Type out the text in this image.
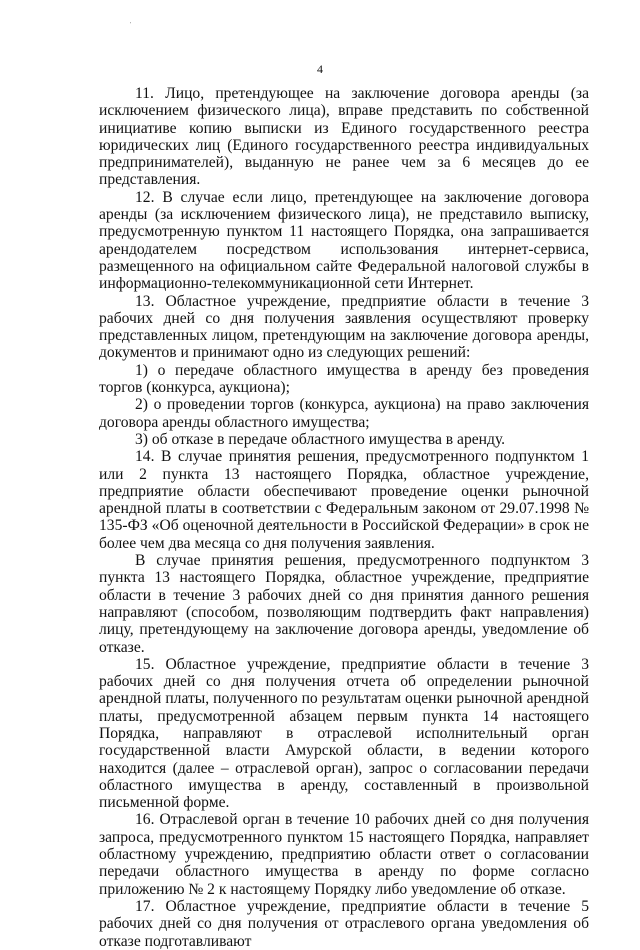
'
4

11. Лицо, претендующее на заключение договора аренды (за исключением физического лица), вправе представить по собственной инициативе копию выписки из Единого государственного реестра юридических лиц (Единого государственного реестра индивидуальных предпринимателей), выданную не ранее чем за 6 месяцев до ее представления.

12. В случае если лицо, претендующее на заключение договора аренды (за исключением физического лица), не представило выписку, предусмотренную пунктом 11 настоящего Порядка, она запрашивается арендодателем посредством использования интернет-сервиса, размещенного на официальном сайте Федеральной налоговой службы в информационно-телекоммуникационной сети Интернет.

13. Областное учреждение, предприятие области в течение 3 рабочих дней со дня получения заявления осуществляют проверку представленных лицом, претендующим на заключение договора аренды, документов и принимают одно из следующих решений:

1) о передаче областного имущества в аренду без проведения торгов (конкурса, аукциона);

2) о проведении торгов (конкурса, аукциона) на право заключения договора аренды областного имущества;

3) об отказе в передаче областного имущества в аренду.

14. В случае принятия решения, предусмотренного подпунктом 1 или 2 пункта 13 настоящего Порядка, областное учреждение, предприятие области обеспечивают проведение оценки рыночной арендной платы в соответствии с Федеральным законом от 29.07.1998 № 135-ФЗ «Об оценочной деятельности в Российской Федерации» в срок не более чем два месяца со дня получения заявления.

В случае принятия решения, предусмотренного подпунктом 3 пункта 13 настоящего Порядка, областное учреждение, предприятие области в течение 3 рабочих дней со дня принятия данного решения направляют (способом, позволяющим подтвердить факт направления) лицу, претендующему на заключение договора аренды, уведомление об отказе.

15. Областное учреждение, предприятие области в течение 3 рабочих дней со дня получения отчета об определении рыночной арендной платы, полученного по результатам оценки рыночной арендной платы, предусмотренной абзацем первым пункта 14 настоящего Порядка, направляют в отраслевой исполнительный орган государственной власти Амурской области, в ведении которого находится (далее – отраслевой орган), запрос о согласовании передачи областного имущества в аренду, составленный в произвольной письменной форме.

16. Отраслевой орган в течение 10 рабочих дней со дня получения запроса, предусмотренного пунктом 15 настоящего Порядка, направляет областному учреждению, предприятию области ответ о согласовании передачи областного имущества в аренду по форме согласно приложению № 2 к настоящему Порядку либо уведомление об отказе.

17. Областное учреждение, предприятие области в течение 5 рабочих дней со дня получения от отраслевого органа уведомления об отказе подготавливают
